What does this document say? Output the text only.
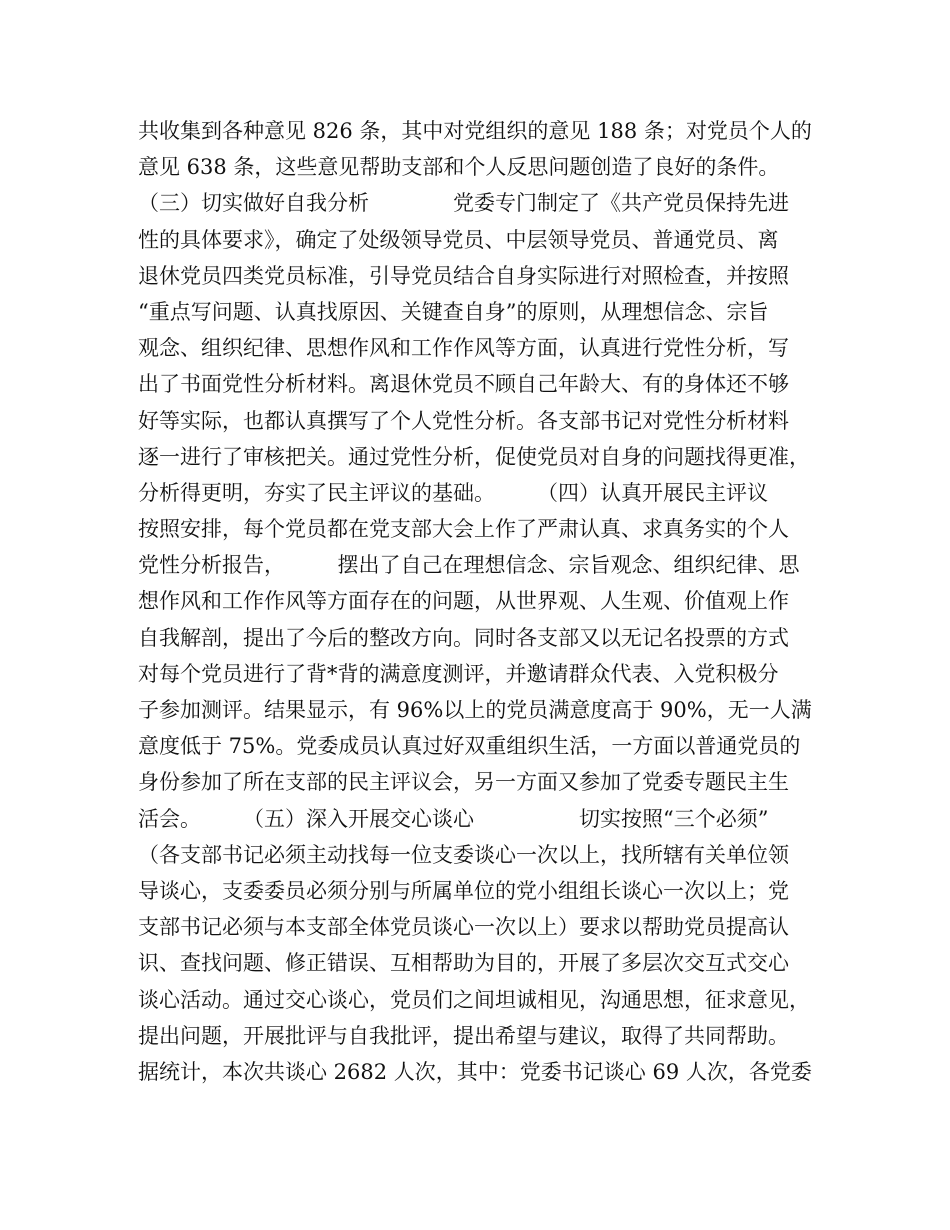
共收集到各种意见 826 条，其中对党组织的意见 188 条；对党员个人的
意见 638 条，这些意见帮助支部和个人反思问题创造了良好的条件。
（三）切实做好自我分析　　　　党委专门制定了《共产党员保持先进
性的具体要求》，确定了处级领导党员、中层领导党员、普通党员、离
退休党员四类党员标准，引导党员结合自身实际进行对照检查，并按照
“重点写问题、认真找原因、关键查自身”的原则，从理想信念、宗旨
观念、组织纪律、思想作风和工作作风等方面，认真进行党性分析，写
出了书面党性分析材料。离退休党员不顾自己年龄大、有的身体还不够
好等实际，也都认真撰写了个人党性分析。各支部书记对党性分析材料
逐一进行了审核把关。通过党性分析，促使党员对自身的问题找得更准，
分析得更明，夯实了民主评议的基础。　　　（四）认真开展民主评议
按照安排，每个党员都在党支部大会上作了严肃认真、求真务实的个人
党性分析报告，　　　摆出了自己在理想信念、宗旨观念、组织纪律、思
想作风和工作作风等方面存在的问题，从世界观、人生观、价值观上作
自我解剖，提出了今后的整改方向。同时各支部又以无记名投票的方式
对每个党员进行了背*背的满意度测评，并邀请群众代表、入党积极分
子参加测评。结果显示，有 96%以上的党员满意度高于 90%，无一人满
意度低于 75%。党委成员认真过好双重组织生活，一方面以普通党员的
身份参加了所在支部的民主评议会，另一方面又参加了党委专题民主生
活会。　　　（五）深入开展交心谈心　　　　　切实按照“三个必须”
（各支部书记必须主动找每一位支委谈心一次以上，找所辖有关单位领
导谈心，支委委员必须分别与所属单位的党小组组长谈心一次以上；党
支部书记必须与本支部全体党员谈心一次以上）要求以帮助党员提高认
识、查找问题、修正错误、互相帮助为目的，开展了多层次交互式交心
谈心活动。通过交心谈心，党员们之间坦诚相见，沟通思想，征求意见，
提出问题，开展批评与自我批评，提出希望与建议，取得了共同帮助。
据统计，本次共谈心 2682 人次，其中：党委书记谈心 69 人次，各党委
